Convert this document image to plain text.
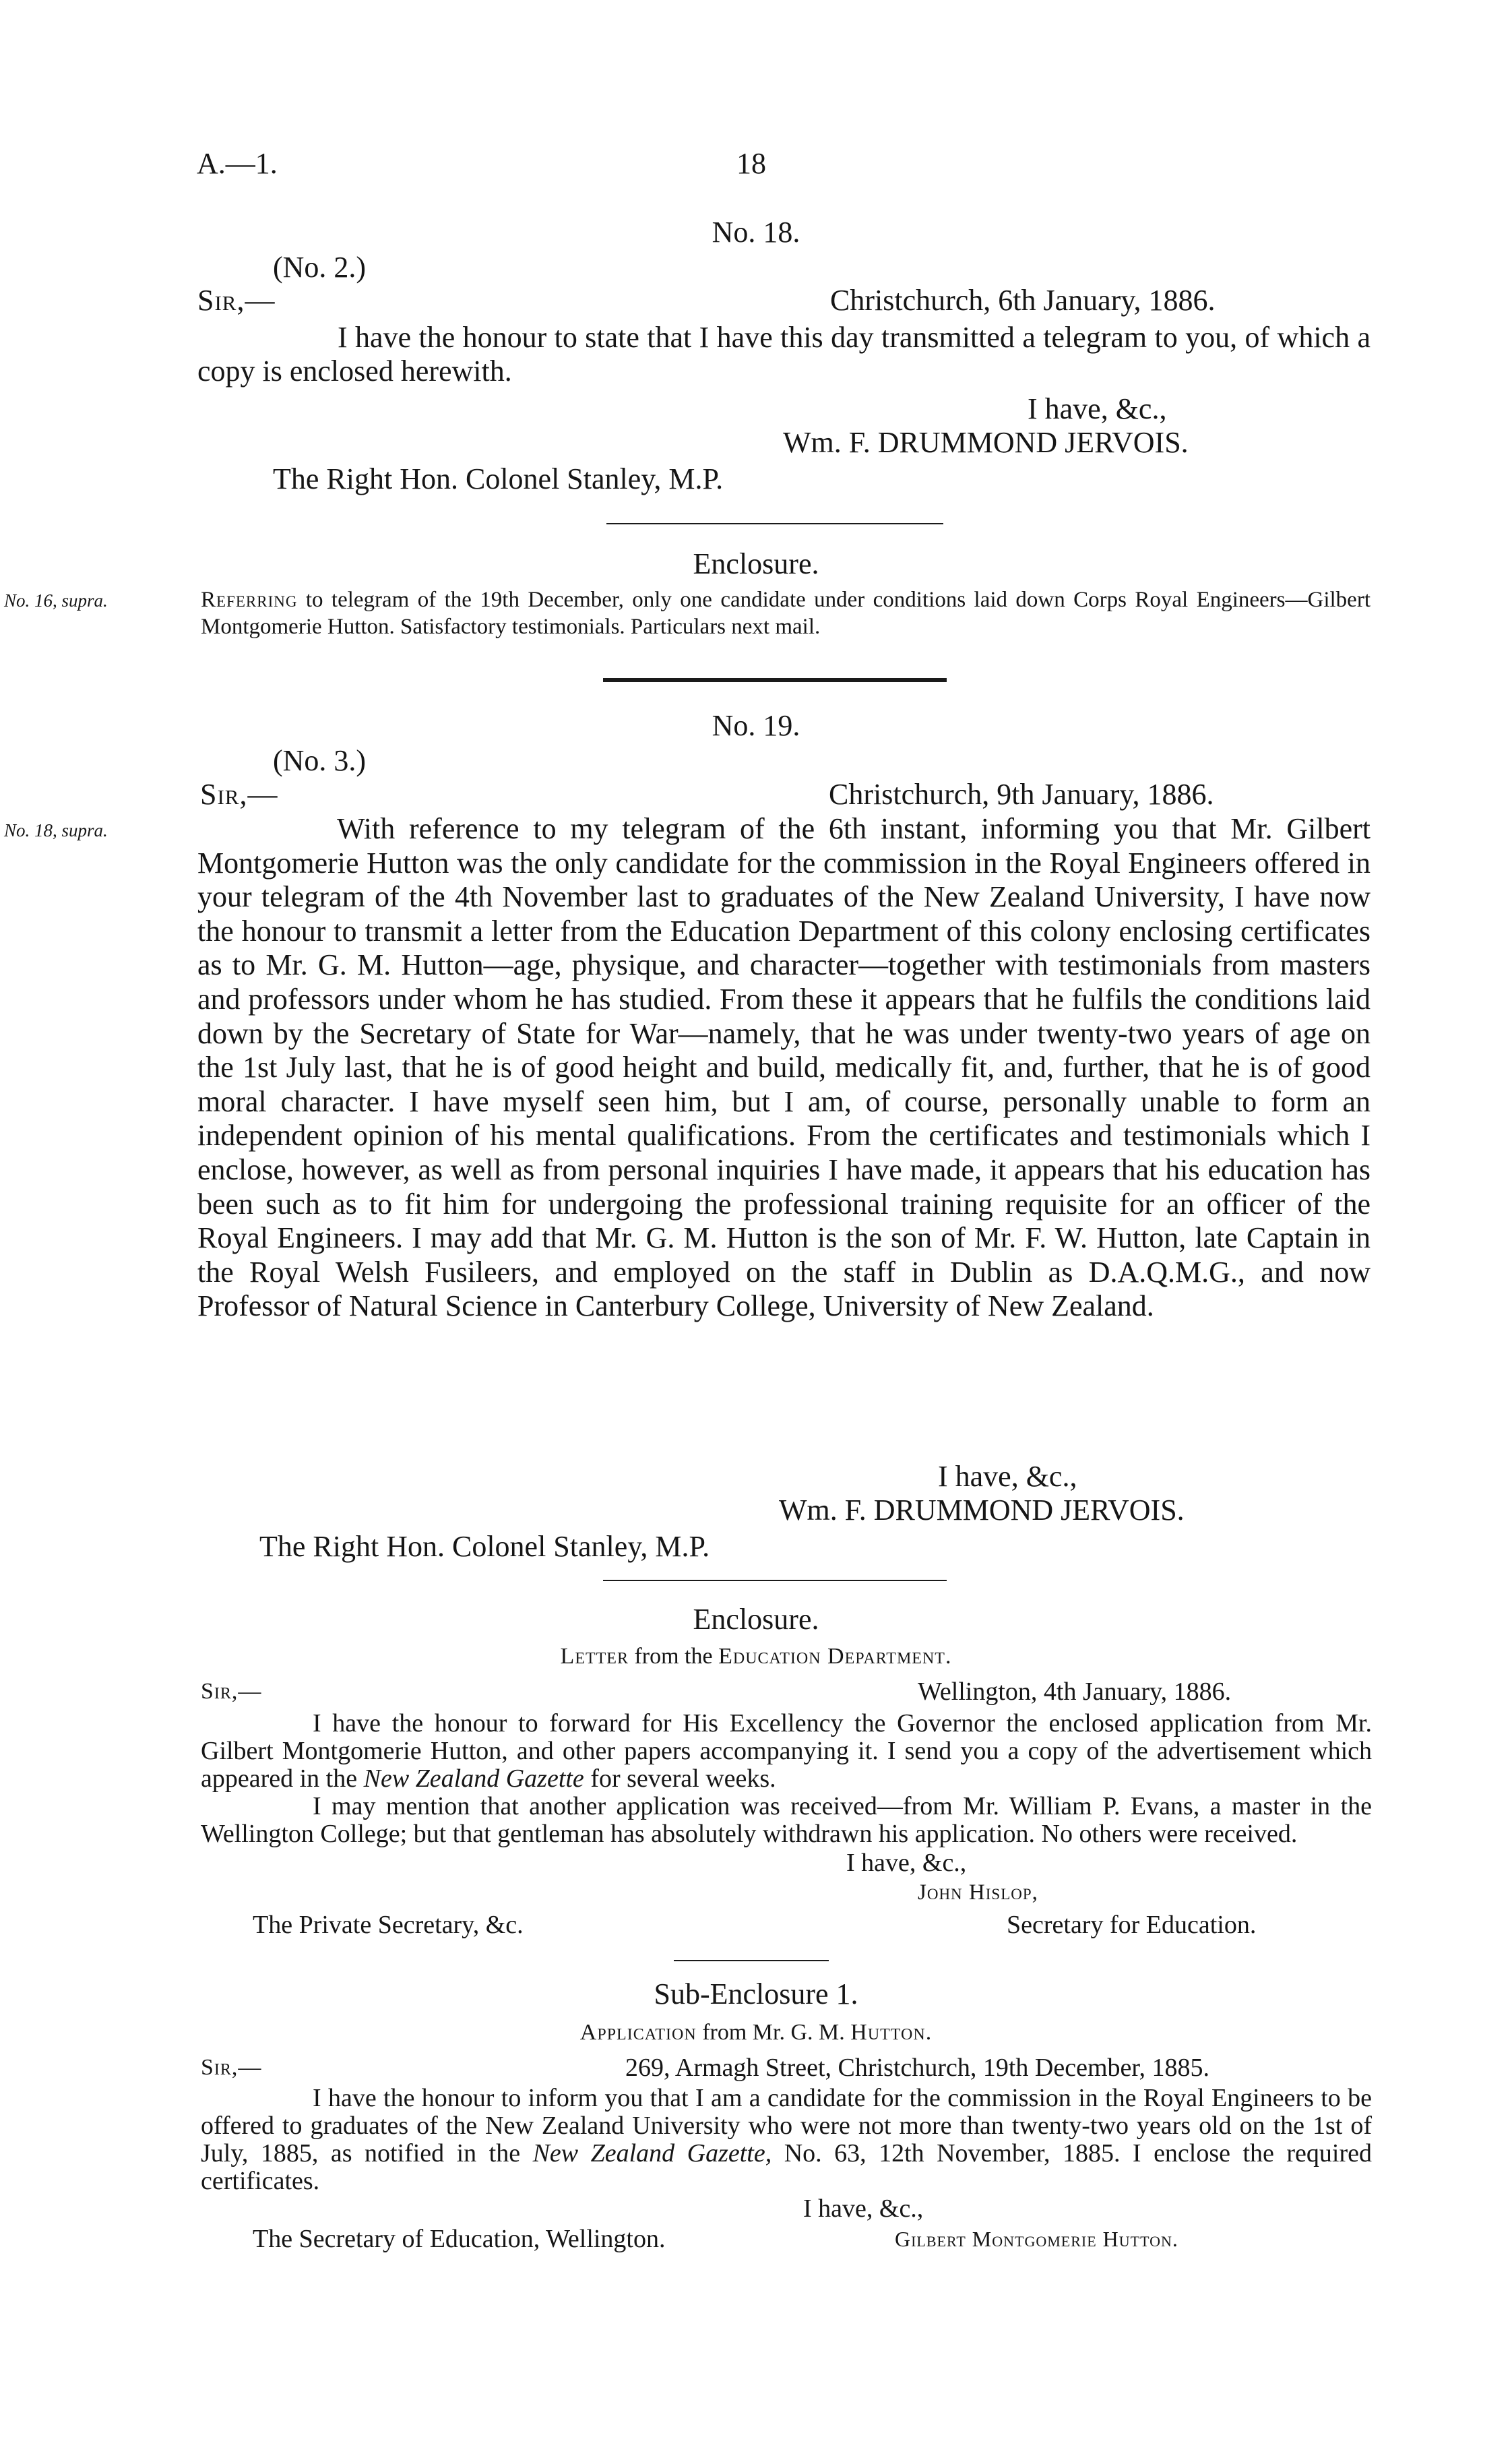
A.—1.	18
No. 18.
(No. 2.)
Sir,—	Christchurch, 6th January, 1886.
I have the honour to state that I have this day transmitted a telegram to you, of which a copy is enclosed herewith.
I have, &c.,
Wm. F. DRUMMOND JERVOIS.
The Right Hon. Colonel Stanley, M.P.
Enclosure.
No. 16, supra.	Referring to telegram of the 19th December, only one candidate under conditions laid down Corps Royal Engineers—Gilbert Montgomerie Hutton. Satisfactory testimonials. Particulars next mail.
No. 19.
(No. 3.)
Sir,—	Christchurch, 9th January, 1886.
No. 18, supra.	With reference to my telegram of the 6th instant, informing you that Mr. Gilbert Montgomerie Hutton was the only candidate for the commission in the Royal Engineers offered in your telegram of the 4th November last to graduates of the New Zealand University, I have now the honour to transmit a letter from the Education Department of this colony enclosing certificates as to Mr. G. M. Hutton—age, physique, and character—together with testimonials from masters and professors under whom he has studied. From these it appears that he fulfils the conditions laid down by the Secretary of State for War—namely, that he was under twenty-two years of age on the 1st July last, that he is of good height and build, medically fit, and, further, that he is of good moral character. I have myself seen him, but I am, of course, personally unable to form an independent opinion of his mental qualifications. From the certificates and testimonials which I enclose, however, as well as from personal inquiries I have made, it appears that his education has been such as to fit him for undergoing the professional training requisite for an officer of the Royal Engineers. I may add that Mr. G. M. Hutton is the son of Mr. F. W. Hutton, late Captain in the Royal Welsh Fusileers, and employed on the staff in Dublin as D.A.Q.M.G., and now Professor of Natural Science in Canterbury College, University of New Zealand.
I have, &c.,
Wm. F. DRUMMOND JERVOIS.
The Right Hon. Colonel Stanley, M.P.
Enclosure.
Letter from the Education Department.
Sir,—	Wellington, 4th January, 1886.
I have the honour to forward for His Excellency the Governor the enclosed application from Mr. Gilbert Montgomerie Hutton, and other papers accompanying it. I send you a copy of the advertisement which appeared in the New Zealand Gazette for several weeks.
I may mention that another application was received—from Mr. William P. Evans, a master in the Wellington College; but that gentleman has absolutely withdrawn his application. No others were received.
I have, &c.,
John Hislop,
The Private Secretary, &c.	Secretary for Education.
Sub-Enclosure 1.
Application from Mr. G. M. Hutton.
Sir,—	269, Armagh Street, Christchurch, 19th December, 1885.
I have the honour to inform you that I am a candidate for the commission in the Royal Engineers to be offered to graduates of the New Zealand University who were not more than twenty-two years old on the 1st of July, 1885, as notified in the New Zealand Gazette, No. 63, 12th November, 1885. I enclose the required certificates.
I have, &c.,
The Secretary of Education, Wellington.	Gilbert Montgomerie Hutton.
